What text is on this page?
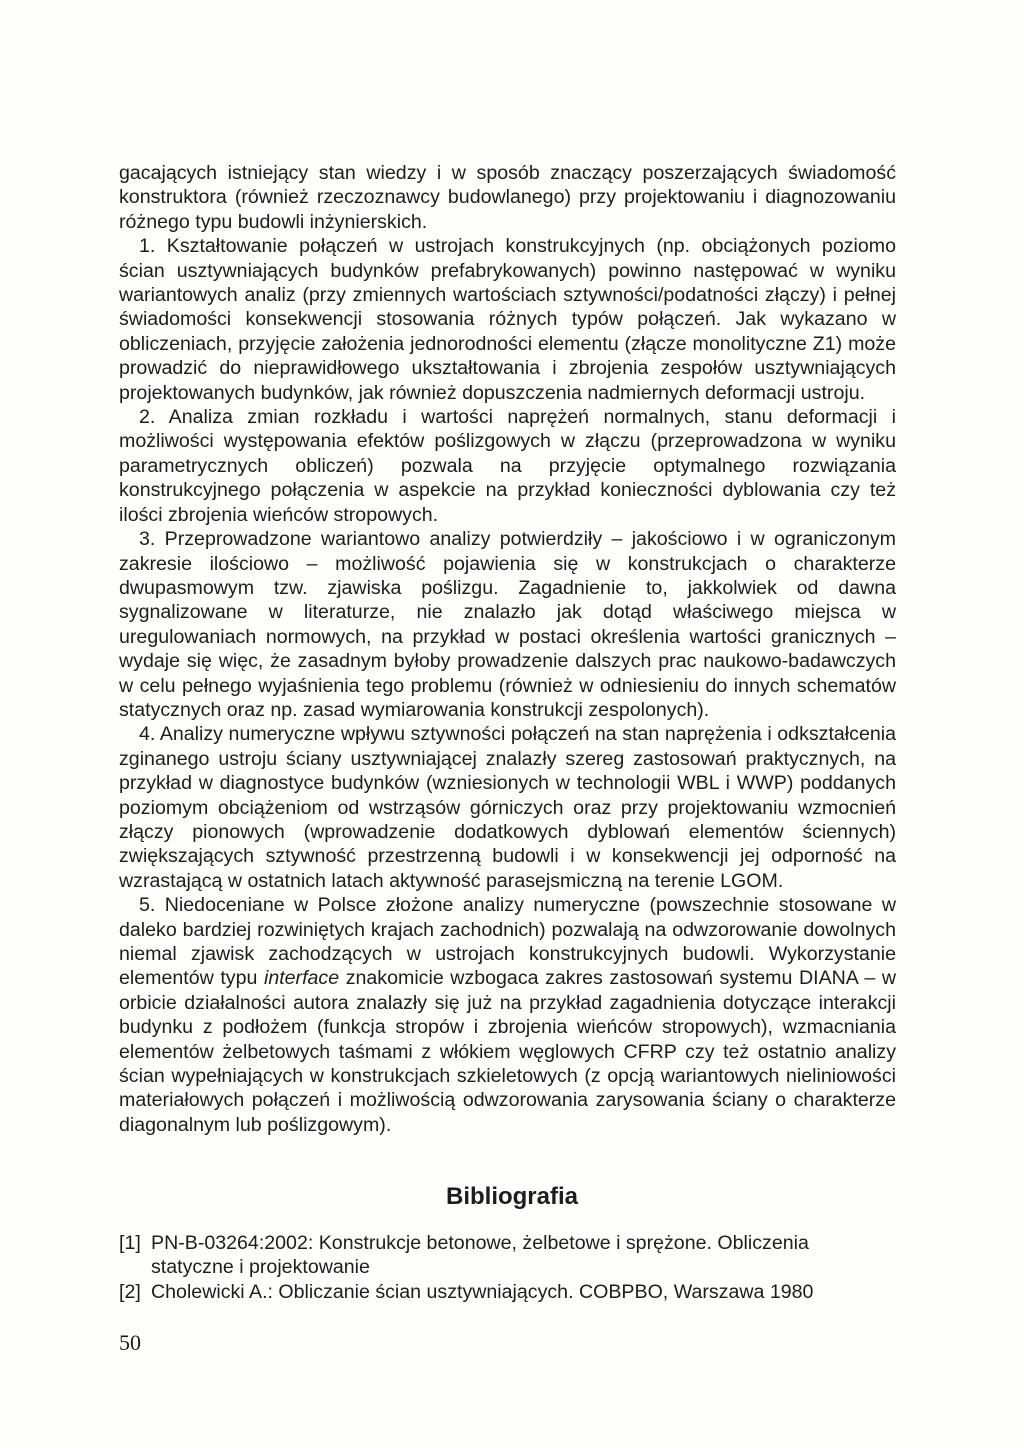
gacających istniejący stan wiedzy i w sposób znaczący poszerzających świadomość konstruktora (również rzeczoznawcy budowlanego) przy projektowaniu i diagnozowaniu różnego typu budowli inżynierskich.

1. Kształtowanie połączeń w ustrojach konstrukcyjnych (np. obciążonych poziomo ścian usztywniających budynków prefabrykowanych) powinno następować w wyniku wariantowych analiz (przy zmiennych wartościach sztywności/podatności złączy) i pełnej świadomości konsekwencji stosowania różnych typów połączeń. Jak wykazano w obliczeniach, przyjęcie założenia jednorodności elementu (złącze monolityczne Z1) może prowadzić do nieprawidłowego ukształtowania i zbrojenia zespołów usztywniających projektowanych budynków, jak również dopuszczenia nadmiernych deformacji ustroju.

2. Analiza zmian rozkładu i wartości naprężeń normalnych, stanu deformacji i możliwości występowania efektów poślizgowych w złączu (przeprowadzona w wyniku parametrycznych obliczeń) pozwala na przyjęcie optymalnego rozwiązania konstrukcyjnego połączenia w aspekcie na przykład konieczności dyblowania czy też ilości zbrojenia wieńców stropowych.

3. Przeprowadzone wariantowo analizy potwierdziły – jakościowo i w ograniczonym zakresie ilościowo – możliwość pojawienia się w konstrukcjach o charakterze dwupasmowym tzw. zjawiska poślizgu. Zagadnienie to, jakkolwiek od dawna sygnalizowane w literaturze, nie znalazło jak dotąd właściwego miejsca w uregulowaniach normowych, na przykład w postaci określenia wartości granicznych – wydaje się więc, że zasadnym byłoby prowadzenie dalszych prac naukowo-badawczych w celu pełnego wyjaśnienia tego problemu (również w odniesieniu do innych schematów statycznych oraz np. zasad wymiarowania konstrukcji zespolonych).

4. Analizy numeryczne wpływu sztywności połączeń na stan naprężenia i odkształcenia zginanego ustroju ściany usztywniającej znalazły szereg zastosowań praktycznych, na przykład w diagnostyce budynków (wzniesionych w technologii WBL i WWP) poddanych poziomym obciążeniom od wstrząsów górniczych oraz przy projektowaniu wzmocnień złączy pionowych (wprowadzenie dodatkowych dyblowań elementów ściennych) zwiększających sztywność przestrzenną budowli i w konsekwencji jej odporność na wzrastającą w ostatnich latach aktywność parasejsmiczną na terenie LGOM.

5. Niedoceniane w Polsce złożone analizy numeryczne (powszechnie stosowane w daleko bardziej rozwiniętych krajach zachodnich) pozwalają na odwzorowanie dowolnych niemal zjawisk zachodzących w ustrojach konstrukcyjnych budowli. Wykorzystanie elementów typu interface znakomicie wzbogaca zakres zastosowań systemu DIANA – w orbicie działalności autora znalazły się już na przykład zagadnienia dotyczące interakcji budynku z podłożem (funkcja stropów i zbrojenia wieńców stropowych), wzmacniania elementów żelbetowych taśmami z włókiem węglowych CFRP czy też ostatnio analizy ścian wypełniających w konstrukcjach szkieletowych (z opcją wariantowych nieliniowości materiałowych połączeń i możliwością odwzorowania zarysowania ściany o charakterze diagonalnym lub poślizgowym).

Bibliografia
[1] PN-B-03264:2002: Konstrukcje betonowe, żelbetowe i sprężone. Obliczenia statyczne i projektowanie
[2] Cholewicki A.: Obliczanie ścian usztywniających. COBPBO, Warszawa 1980
50
